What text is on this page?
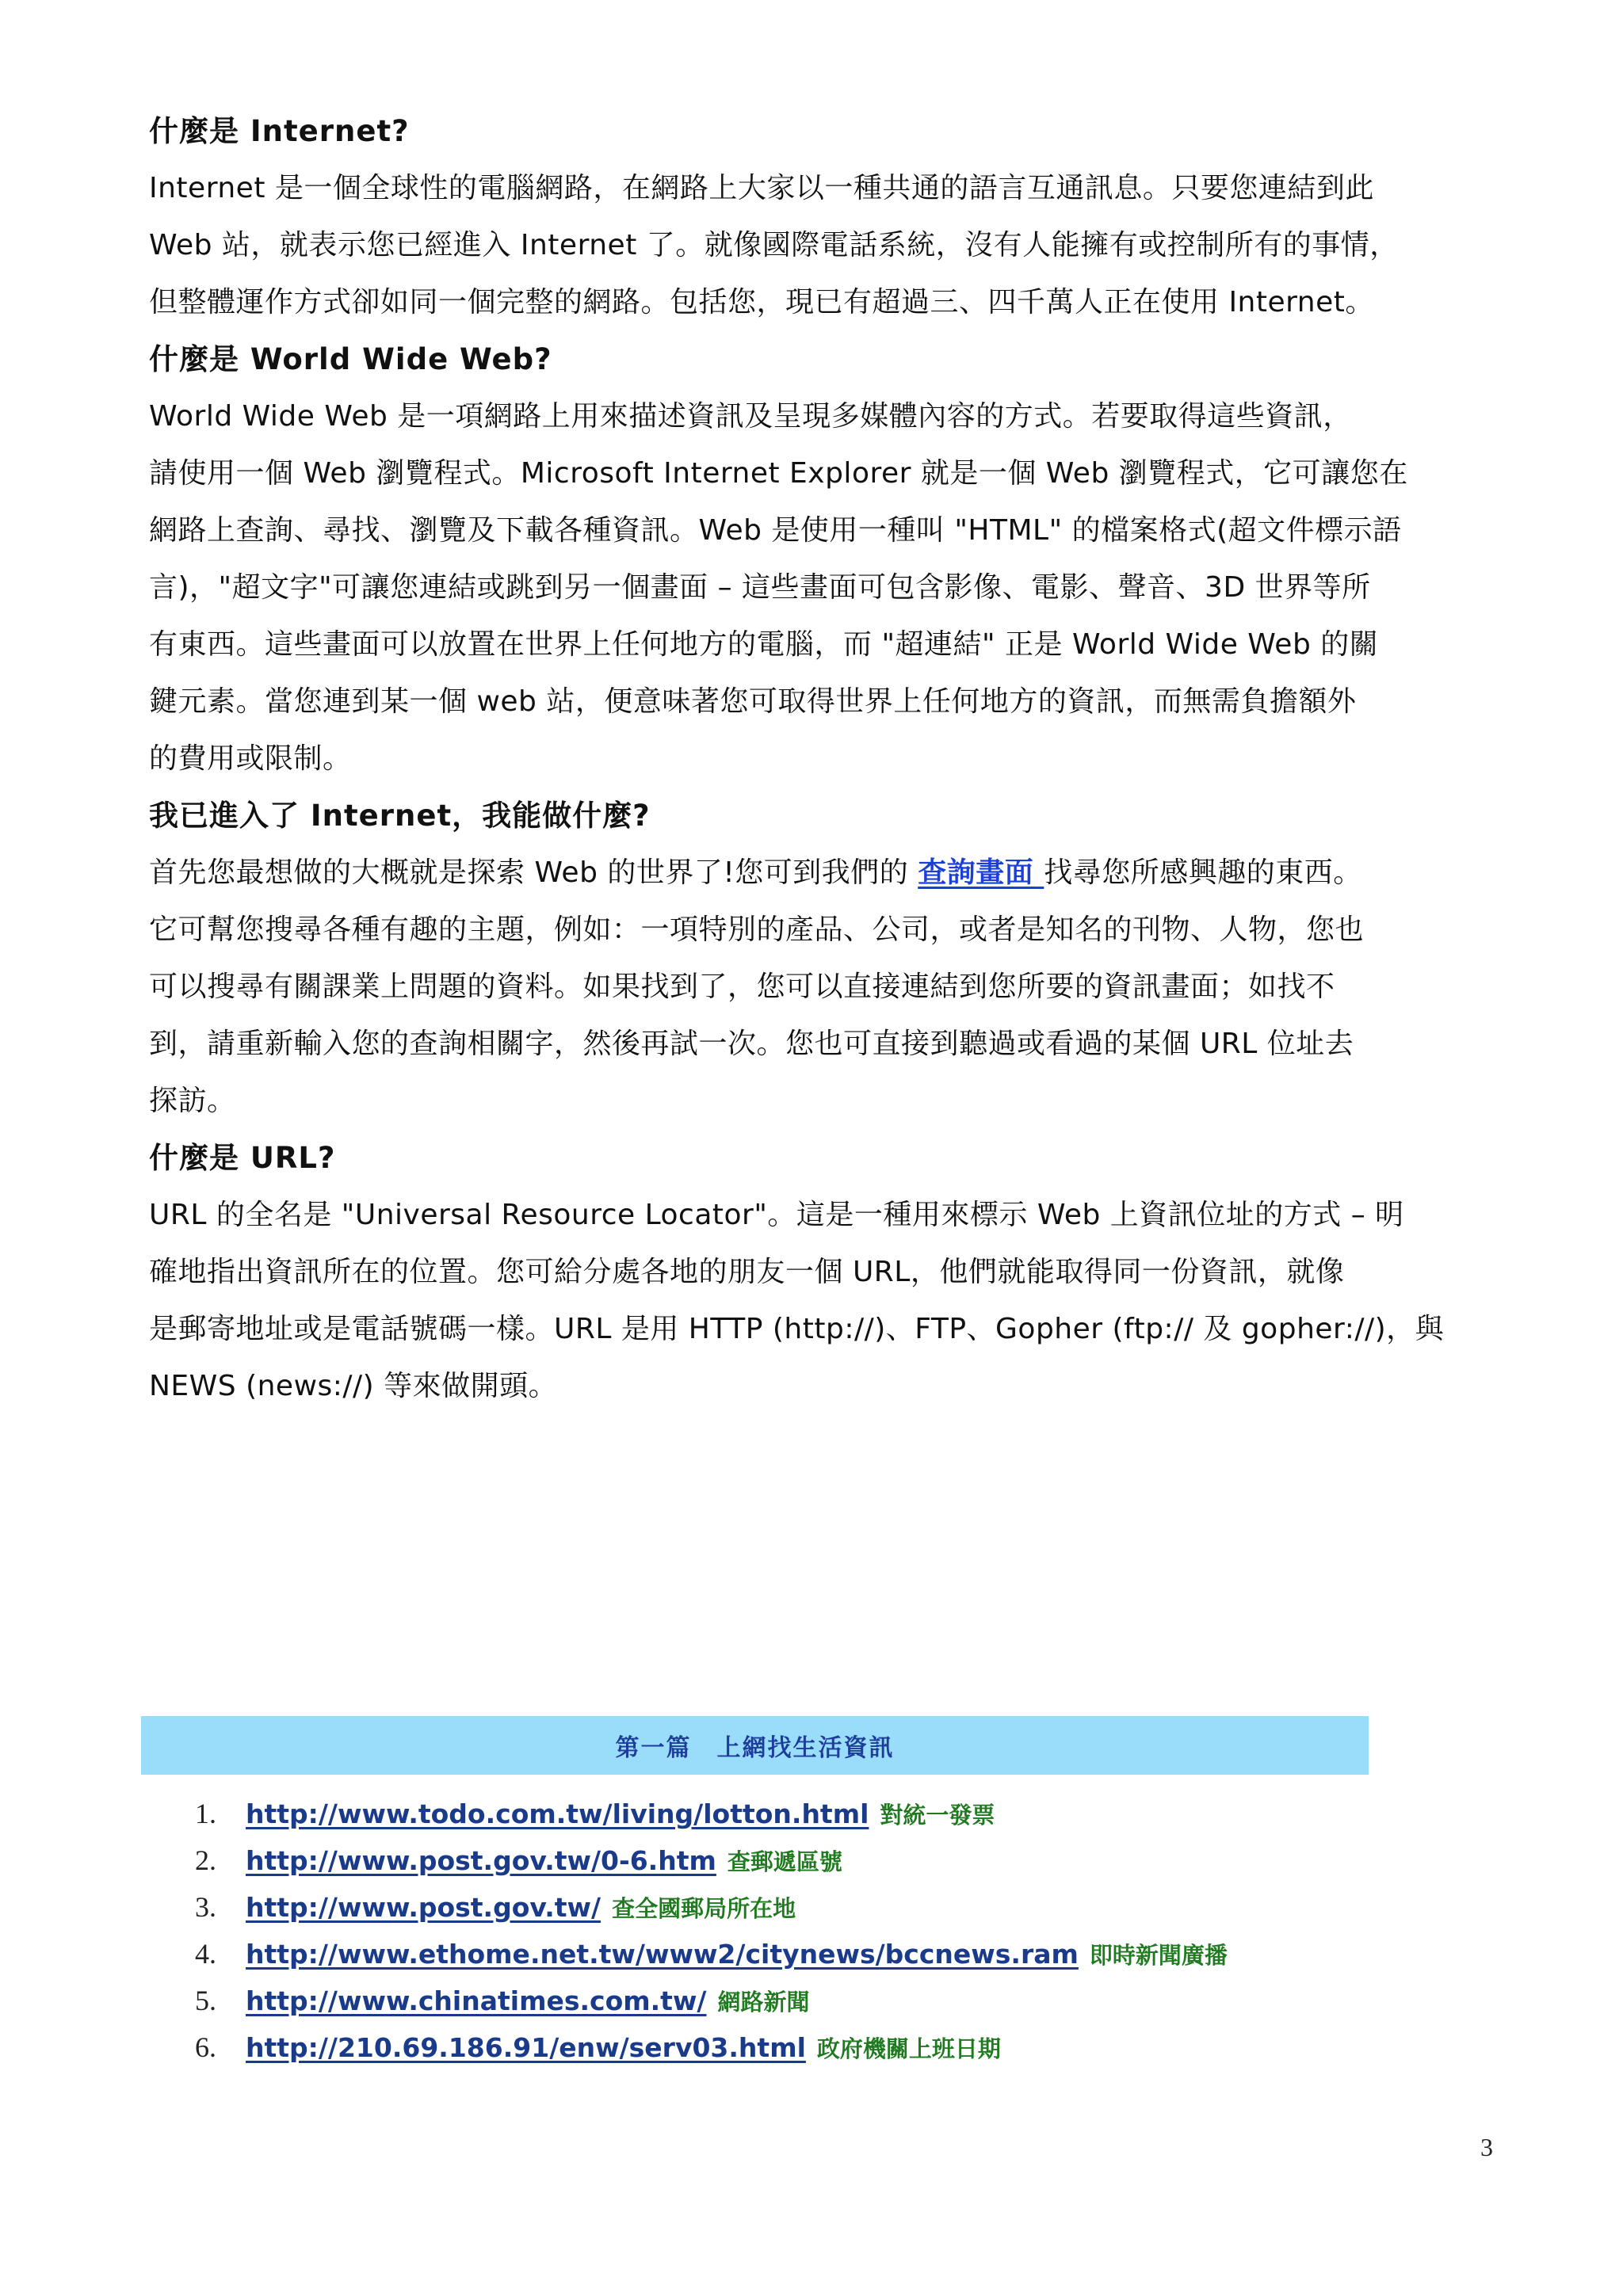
什麼是 Internet?
Internet 是一個全球性的電腦網路，在網路上大家以一種共通的語言互通訊息。只要您連結到此
Web 站，就表示您已經進入 Internet 了。就像國際電話系統，沒有人能擁有或控制所有的事情，
但整體運作方式卻如同一個完整的網路。包括您，現已有超過三、四千萬人正在使用 Internet。
什麼是 World Wide Web?
World Wide Web 是一項網路上用來描述資訊及呈現多媒體內容的方式。若要取得這些資訊，
請使用一個 Web 瀏覽程式。Microsoft Internet Explorer 就是一個 Web 瀏覽程式，它可讓您在
網路上查詢、尋找、瀏覽及下載各種資訊。Web 是使用一種叫 "HTML" 的檔案格式(超文件標示語
言)，"超文字"可讓您連結或跳到另一個畫面 – 這些畫面可包含影像、電影、聲音、3D 世界等所
有東西。這些畫面可以放置在世界上任何地方的電腦，而 "超連結" 正是 World Wide Web 的關
鍵元素。當您連到某一個 web 站，便意味著您可取得世界上任何地方的資訊，而無需負擔額外
的費用或限制。
我已進入了 Internet，我能做什麼?
首先您最想做的大概就是探索 Web 的世界了!您可到我們的 查詢畫面 找尋您所感興趣的東西。
它可幫您搜尋各種有趣的主題，例如：一項特別的產品、公司，或者是知名的刊物、人物，您也
可以搜尋有關課業上問題的資料。如果找到了，您可以直接連結到您所要的資訊畫面；如找不
到，請重新輸入您的查詢相關字，然後再試一次。您也可直接到聽過或看過的某個 URL 位址去
探訪。
什麼是 URL?
URL 的全名是 "Universal Resource Locator"。這是一種用來標示 Web 上資訊位址的方式 – 明
確地指出資訊所在的位置。您可給分處各地的朋友一個 URL，他們就能取得同一份資訊，就像
是郵寄地址或是電話號碼一樣。URL 是用 HTTP (http://)、FTP、Gopher (ftp:// 及 gopher://)，與
NEWS (news://) 等來做開頭。
第一篇　上網找生活資訊
1.	http://www.todo.com.tw/living/lotton.html 對統一發票
2.	http://www.post.gov.tw/0-6.htm 查郵遞區號
3.	http://www.post.gov.tw/ 查全國郵局所在地
4.	http://www.ethome.net.tw/www2/citynews/bccnews.ram 即時新聞廣播
5.	http://www.chinatimes.com.tw/ 網路新聞
6.	http://210.69.186.91/enw/serv03.html 政府機關上班日期
3
